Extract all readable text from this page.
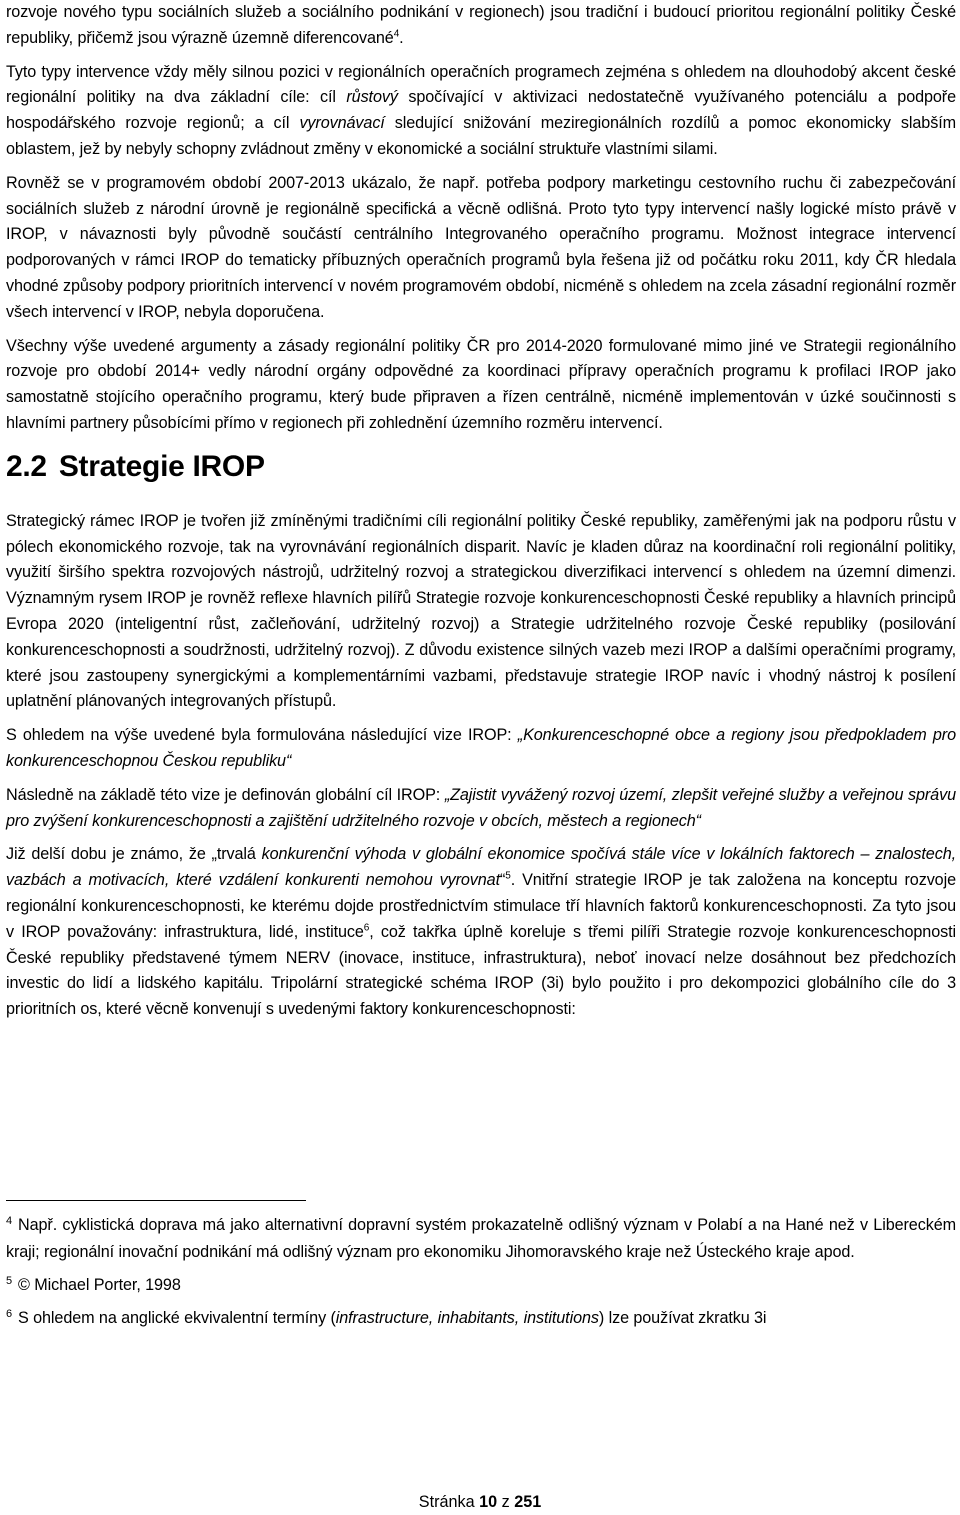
rozvoje nového typu sociálních služeb a sociálního podnikání v regionech) jsou tradiční i budoucí prioritou regionální politiky České republiky, přičemž jsou výrazně územně diferencované$^4$.

Tyto typy intervence vždy měly silnou pozici v regionálních operačních programech zejména s ohledem na dlouhodobý akcent české regionální politiky na dva základní cíle: cíl růstový spočívající v aktivizaci nedostatečně využívaného potenciálu a podpoře hospodářského rozvoje regionů; a cíl vyrovnávací sledující snižování meziregionálních rozdílů a pomoc ekonomicky slabším oblastem, jež by nebyly schopny zvládnout změny v ekonomické a sociální struktuře vlastními silami.

Rovněž se v programovém období 2007-2013 ukázalo, že např. potřeba podpory marketingu cestovního ruchu či zabezpečování sociálních služeb z národní úrovně je regionálně specifická a věcně odlišná. Proto tyto typy intervencí našly logické místo právě v IROP, v návaznosti byly původně součástí centrálního Integrovaného operačního programu. Možnost integrace intervencí podporovaných v rámci IROP do tematicky příbuzných operačních programů byla řešena již od počátku roku 2011, kdy ČR hledala vhodné způsoby podpory prioritních intervencí v novém programovém období, nicméně s ohledem na zcela zásadní regionální rozměr všech intervencí v IROP, nebyla doporučena.

Všechny výše uvedené argumenty a zásady regionální politiky ČR pro 2014-2020 formulované mimo jiné ve Strategii regionálního rozvoje pro období 2014+ vedly národní orgány odpovědné za koordinaci přípravy operačních programu k profilaci IROP jako samostatně stojícího operačního programu, který bude připraven a řízen centrálně, nicméně implementován v úzké součinnosti s hlavními partnery působícími přímo v regionech při zohlednění územního rozměru intervencí.

2.2 Strategie IROP

Strategický rámec IROP je tvořen již zmíněnými tradičními cíli regionální politiky České republiky, zaměřenými jak na podporu růstu v pólech ekonomického rozvoje, tak na vyrovnávání regionálních disparit. Navíc je kladen důraz na koordinační roli regionální politiky, využití širšího spektra rozvojových nástrojů, udržitelný rozvoj a strategickou diverzifikaci intervencí s ohledem na územní dimenzi. Významným rysem IROP je rovněž reflexe hlavních pilířů Strategie rozvoje konkurenceschopnosti České republiky a hlavních principů Evropa 2020 (inteligentní růst, začleňování, udržitelný rozvoj) a Strategie udržitelného rozvoje České republiky (posilování konkurenceschopnosti a soudržnosti, udržitelný rozvoj). Z důvodu existence silných vazeb mezi IROP a dalšími operačními programy, které jsou zastoupeny synergickými a komplementárními vazbami, představuje strategie IROP navíc i vhodný nástroj k posílení uplatnění plánovaných integrovaných přístupů.

S ohledem na výše uvedené byla formulována následující vize IROP: „Konkurenceschopné obce a regiony jsou předpokladem pro konkurenceschopnou Českou republiku“

Následně na základě této vize je definován globální cíl IROP: „Zajistit vyvážený rozvoj území, zlepšit veřejné služby a veřejnou správu pro zvýšení konkurenceschopnosti a zajištění udržitelného rozvoje v obcích, městech a regionech“

Již delší dobu je známo, že „trvalá konkurenční výhoda v globální ekonomice spočívá stále více v lokálních faktorech – znalostech, vazbách a motivacích, které vzdálení konkurenti nemohou vyrovnat“$^5$. Vnitřní strategie IROP je tak založena na konceptu rozvoje regionální konkurenceschopnosti, ke kterému dojde prostřednictvím stimulace tří hlavních faktorů konkurenceschopnosti. Za tyto jsou v IROP považovány: infrastruktura, lidé, instituce$^6$, což takřka úplně koreluje s třemi pilíři Strategie rozvoje konkurenceschopnosti České republiky představené týmem NERV (inovace, instituce, infrastruktura), neboť inovací nelze dosáhnout bez předchozích investic do lidí a lidského kapitálu. Tripolární strategické schéma IROP (3i) bylo použito i pro dekompozici globálního cíle do 3 prioritních os, které věcně konvenují s uvedenými faktory konkurenceschopnosti:

$^4$ Např. cyklistická doprava má jako alternativní dopravní systém prokazatelně odlišný význam v Polabí a na Hané než v Libereckém kraji; regionální inovační podnikání má odlišný význam pro ekonomiku Jihomoravského kraje než Ústeckého kraje apod.

$^5$ © Michael Porter, 1998

$^6$ S ohledem na anglické ekvivalentní termíny (infrastructure, inhabitants, institutions) lze používat zkratku 3i

Stránka 10 z 251
